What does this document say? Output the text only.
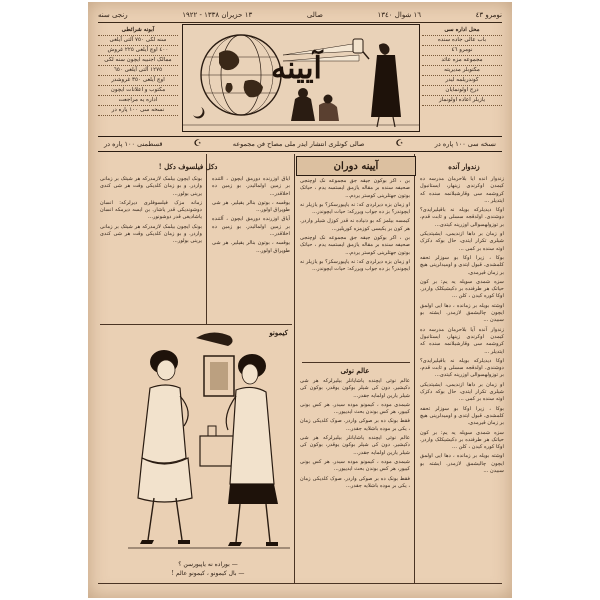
نومرو ٤٣
١٦ شوال ١٣٤٠
صالی
١٣ حزيران ١٣٣٨ - ١٩٢٢
رنجی سنه
آبونه شرائطی
سنه لکی ٧٥٠ آلتی آیلغی
٤٠٠ اوچ آیلغی ٢٢٥ غروش
ممالک اجنبیه ایچون سنه لکی
١٢٧٥ آلتی آیلغی ٦٥٠
اوچ آیلغی ٣٥٠ غروشدر
مكتوب و اعلانات ایچون
اداره یه مراجعت
نسخه سی ١٠٠ پاره در
آيينه
محل اداره سی
باب عالی جاده سنده
نومرو ٤٦
مجموعه مزه عائد
مکتوبلر مدیریته
کوندریلمه لیدر
درج اولونمایان
یازیلر اعاده اولونماز
نسخه سی ١٠٠ پاره در
☪
صالی کونلری انتشار ایدر ملی مصاح فن مجموعه
☪
قسطمنی ١٠٠ پاره در
زندوار آنده

زندوار آنده آیا بلاحرمان مدرسه ده کیمدن اوکرندی زینهار، ایستانبول کروشمه سی وقارشیلانمه سنده که ایتدیلر ...

اوکا دیدیلرکه بویله نه باقیلیرایدی؟ دوشندی. اولدقجه سسلی و ثابت قدم، بر توزولهسوالی اوزرینه کیتدی...

او زمان بر داها ازندیمی، ایشیتدیکی شیلری تکرار ایتدی، حال بوکه دکزک اوته سنده بر کمی ...

بوکا ، زیرا اوکا بو سوزلر تحفه کلمشدی. قبول ایتدی و اومیدلرینی هیچ بر زمان قیرمدی.

سزه شمدی سویله یه یم: بر کون حیاتک هر طرفنده بر دکیشیکلک واردر. اوکا کوره کیدن ، کلن ...

اوشته بویله بر زمانده ، دها ایی اولمق ایچون چالیشمق لازمدر. ایشته بو سبیدن ...

زندوار آنده آیا بلاحرمان مدرسه ده کیمدن اوکرندی زینهار، ایستانبول کروشمه سی وقارشیلانمه سنده که ایتدیلر ...

اوکا دیدیلرکه بویله نه باقیلیرایدی؟ دوشندی. اولدقجه سسلی و ثابت قدم، بر توزولهسوالی اوزرینه کیتدی...

او زمان بر داها ازندیمی، ایشیتدیکی شیلری تکرار ایتدی، حال بوکه دکزک اوته سنده بر کمی ...

بوکا ، زیرا اوکا بو سوزلر تحفه کلمشدی. قبول ایتدی و اومیدلرینی هیچ بر زمان قیرمدی.

سزه شمدی سویله یه یم: بر کون حیاتک هر طرفنده بر دکیشیکلک واردر. اوکا کوره کیدن ، کلن ...

اوشته بویله بر زمانده ، دها ایی اولمق ایچون چالیشمق لازمدر. ایشته بو سبیدن ...

آيينه دوران

بن ، اکر بوکون جیقه جق مجموعه نک اوچنجی صحیفه سنده بر مقاله یازمق ایستسه یدم ، حیاتک بوتون جهتلرینی کوستر یردم...

او زمان بزه دیرلردی که: نه یاپیورسکز؟ بو یازیلر نه ایچوندر؟ بز ده جواب ویررکه: حیات ایچوندر...

کیمسه بیلمز که بو دنیاده نه قدر کوزل شیلر واردر. هر کون بر یکیسی کوزمزه کوریلیر...

بن ، اکر بوکون جیقه جق مجموعه نک اوچنجی صحیفه سنده بر مقاله یازمق ایستسه یدم ، حیاتک بوتون جهتلرینی کوستر یردم...

او زمان بزه دیرلردی که: نه یاپیورسکز؟ بو یازیلر نه ایچوندر؟ بز ده جواب ویررکه: حیات ایچوندر...

عالم نوئی

عالم نوئی ایچنده یاشایانلر بیلیرلرکه هر شی دکیشیر. دون کی شیلر بوکون یوقدر، بوکون کی شیلر یارین اولمایه جقدر...

شیمدی موده ، کیمونو موده سیدر. هر کس بونی کییور، هر کس بوندن بحث ایدییور...

فقط بونک ده بر صوکی واردر. صوک کلدیکی زمان ، یکی بر موده باشلایه جقدر...

عالم نوئی ایچنده یاشایانلر بیلیرلرکه هر شی دکیشیر. دون کی شیلر بوکون یوقدر، بوکون کی شیلر یارین اولمایه جقدر...

شیمدی موده ، کیمونو موده سیدر. هر کس بونی کییور، هر کس بوندن بحث ایدییور...

فقط بونک ده بر صوکی واردر. صوک کلدیکی زمان ، یکی بر موده باشلایه جقدر...

دکل فیلسوف دکل !

آیاق اوزرنده دورمق ایچون ، آلتنده بر زمین اولمالیدر. بو زمین ده اخلاقدر...

یوقسه ، بوتون بنالر یقیلیر. هر شی طوپراق اولور...

آیاق اوزرنده دورمق ایچون ، آلتنده بر زمین اولمالیدر. بو زمین ده اخلاقدر...

یوقسه ، بوتون بنالر یقیلیر. هر شی طوپراق اولور...

بونک ایچون بیلمک لازمدرکه هر شیئک بر زمانی واردر. و بو زمان کلدیکی وقت هر شی کندی یرینی بولور...

زمانه مزک فیلسوفلری دیرلرکه: انسان دوشوندیکی قدر یاشار. بن ایسه دیرمکه انسان یاشادیغی قدر دوشونور...

بونک ایچون بیلمک لازمدرکه هر شیئک بر زمانی واردر. و بو زمان کلدیکی وقت هر شی کندی یرینی بولور...

کیمونو
— بوراده نه یاپیورسن ؟
— بال کیمونو ، کیمونو عالم !
